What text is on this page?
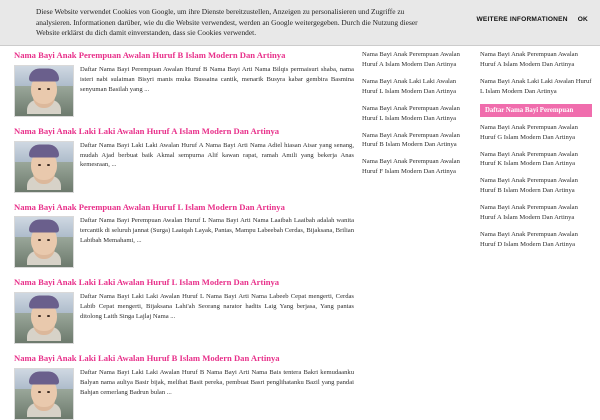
Diese Website verwendet Cookies von Google, um ihre Dienste bereitzustellen, Anzeigen zu personalisieren und Zugriffe zu analysieren. Informationen darüber, wie du die Website verwendest, werden an Google weitergegeben. Durch die Nutzung dieser Website erklärst du dich damit einverstanden, dass sie Cookies verwendet.
WEITERE INFORMATIONEN OK
Nama Bayi Anak Perempuan Awalan Huruf B Islam Modern Dan Artinya
Daftar Nama Bayi Perempuan Awalan Huruf B Nama Bayi Arti Nama Bilqis permaisuri shaba, nama isteri nabi sulaiman Bisyri manis muka Bussaina cantik, menarik Busyra kabar gembira Basmina senyuman Basilah yang ...
Nama Bayi Anak Laki Laki Awalan Huruf A Islam Modern Dan Artinya
Daftar Nama Bayi Laki Laki Awalan Huruf A Nama Bayi Arti Nama Adiel hiasan Aisar yang senang, mudah Ajad berbuat baik Akmal sempurna Alif kawan rapat, ramah Amili yang bekerja Anas kemesraan, ...
Nama Bayi Anak Perempuan Awalan Huruf L Islam Modern Dan Artinya
Daftar Nama Bayi Perempuan Awalan Huruf L Nama Bayi Arti Nama Laaibah Laaibah adalah wanita tercantik di seluruh jannat (Surga) Laaiqah Layak, Pantas, Mampu Labeebah Cerdas, Bijaksana, Brilian Labibah Memahami, ...
Nama Bayi Anak Laki Laki Awalan Huruf L Islam Modern Dan Artinya
Daftar Nama Bayi Laki Laki Awalan Huruf L Nama Bayi Arti Nama Labeeb Cepat mengerti, Cerdas Labib Cepat mengerti, Bijaksana Lahi'ah Seorang narator hadits Laig Yang berjasa, Yang pantas ditolong Laith Singa Lajlaj Nama ...
Nama Bayi Anak Laki Laki Awalan Huruf B Islam Modern Dan Artinya
Daftar Nama Bayi Laki Laki Awalan Huruf B Nama Bayi Arti Nama Bais tentera Bakri kemudaanku Balyan nama auliya Basir bijak, melihat Basit pereka, pembuat Basri penglihatanku Bazil yang pandai Bahjan cemerlang Badrun bulan ...
Nama Bayi Anak Perempuan Awalan Huruf A Islam Modern Dan Artinya
Nama Bayi Anak Laki Laki Awalan Huruf L Islam Modern Dan Artinya
Nama Bayi Anak Perempuan Awalan Huruf L Islam Modern Dan Artinya
Nama Bayi Anak Perempuan Awalan Huruf B Islam Modern Dan Artinya
Nama Bayi Anak Perempuan Awalan Huruf F Islam Modern Dan Artinya
Nama Bayi Anak Perempuan Awalan Huruf A Islam Modern Dan Artinya
Nama Bayi Anak Laki Laki Awalan Huruf L Islam Modern Dan Artinya
Daftar Nama Bayi Perempuan
Nama Bayi Anak Perempuan Awalan Huruf G Islam Modern Dan Artinya
Nama Bayi Anak Perempuan Awalan Huruf K Islam Modern Dan Artinya
Nama Bayi Anak Perempuan Awalan Huruf B Islam Modern Dan Artinya
Nama Bayi Anak Perempuan Awalan Huruf A Islam Modern Dan Artinya
Nama Bayi Anak Perempuan Awalan Huruf D Islam Modern Dan Artinya
